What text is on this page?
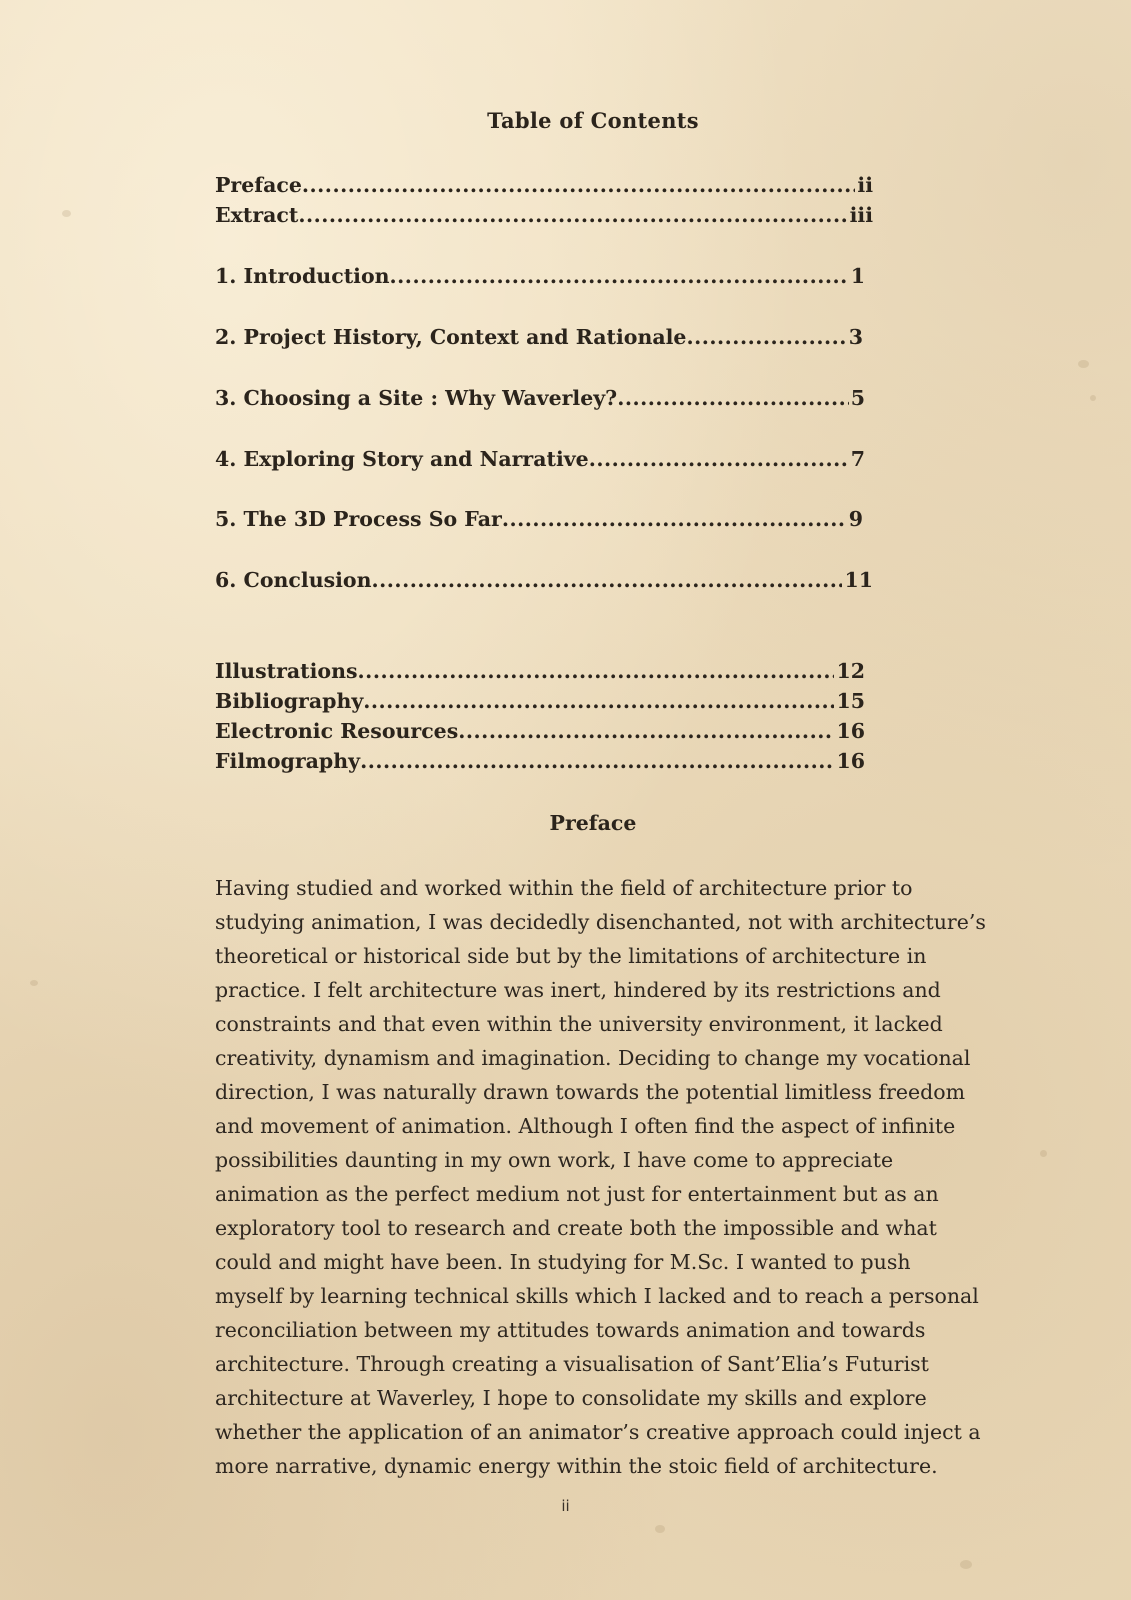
Table of Contents
Preface .....	ii
Extract .....	iii
1. Introduction .....	1
2. Project History, Context and Rationale .....	3
3. Choosing a Site : Why Waverley? .....	5
4. Exploring Story and Narrative .....	7
5. The 3D Process So Far .....	9
6. Conclusion .....	11
Illustrations .....	12
Bibliography .....	15
Electronic Resources .....	16
Filmography .....	16
Preface
Having studied and worked within the field of architecture prior to
studying animation, I was decidedly disenchanted, not with architecture’s
theoretical or historical side but by the limitations of architecture in
practice. I felt architecture was inert, hindered by its restrictions and
constraints and that even within the university environment, it lacked
creativity, dynamism and imagination. Deciding to change my vocational
direction, I was naturally drawn towards the potential limitless freedom
and movement of animation. Although I often find the aspect of infinite
possibilities daunting in my own work, I have come to appreciate
animation as the perfect medium not just for entertainment but as an
exploratory tool to research and create both the impossible and what
could and might have been. In studying for M.Sc. I wanted to push
myself by learning technical skills which I lacked and to reach a personal
reconciliation between my attitudes towards animation and towards
architecture. Through creating a visualisation of Sant’Elia’s Futurist
architecture at Waverley, I hope to consolidate my skills and explore
whether the application of an animator’s creative approach could inject a
more narrative, dynamic energy within the stoic field of architecture.
ii
